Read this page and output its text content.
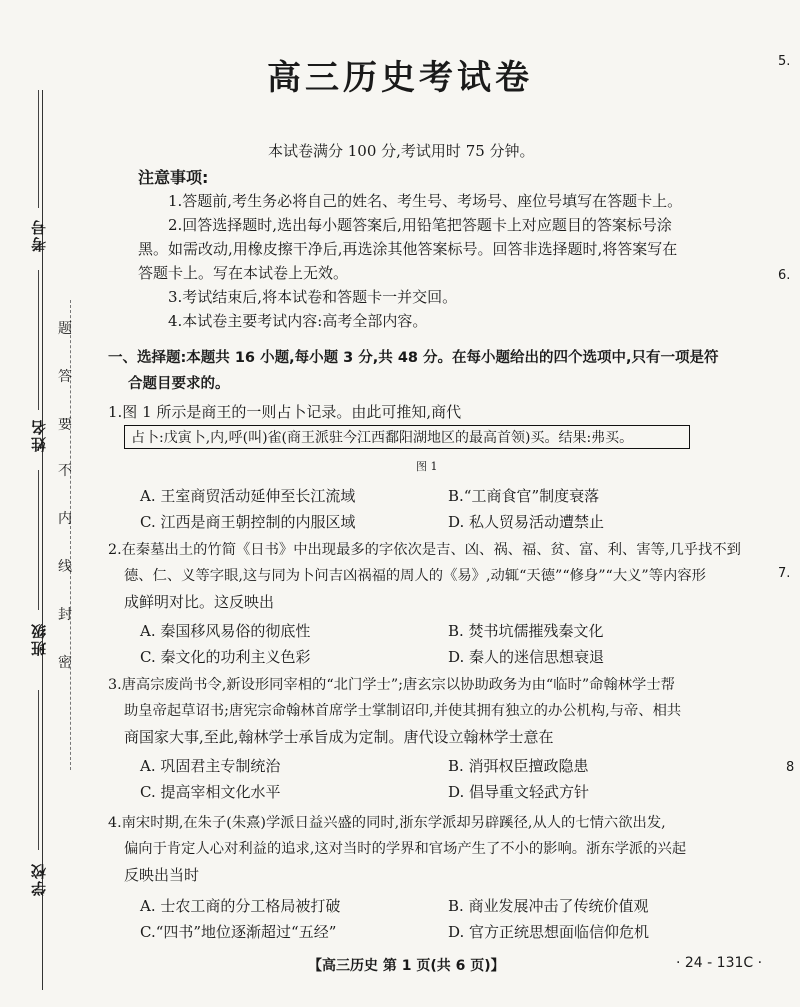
考号
姓名
班级
学校
题
答
要
不
内
线
封
密
5.
6.
7.
8
高三历史考试卷
本试卷满分 100 分,考试用时 75 分钟。
注意事项:
1.答题前,考生务必将自己的姓名、考生号、考场号、座位号填写在答题卡上。
2.回答选择题时,选出每小题答案后,用铅笔把答题卡上对应题目的答案标号涂
黑。如需改动,用橡皮擦干净后,再选涂其他答案标号。回答非选择题时,将答案写在
答题卡上。写在本试卷上无效。
3.考试结束后,将本试卷和答题卡一并交回。
4.本试卷主要考试内容:高考全部内容。
一、选择题:本题共 16 小题,每小题 3 分,共 48 分。在每小题给出的四个选项中,只有一项是符
合题目要求的。
1.图 1 所示是商王的一则占卜记录。由此可推知,商代
占卜:戊寅卜,内,呼(叫)雀(商王派驻今江西鄱阳湖地区的最高首领)买。结果:弗买。
图 1
A. 王室商贸活动延伸至长江流域	B.“工商食官”制度衰落
C. 江西是商王朝控制的内服区域	D. 私人贸易活动遭禁止
2.在秦墓出土的竹简《日书》中出现最多的字依次是吉、凶、祸、福、贫、富、利、害等,几乎找不到
德、仁、义等字眼,这与同为卜问吉凶祸福的周人的《易》,动辄“天德”“修身”“大义”等内容形
成鲜明对比。这反映出
A. 秦国移风易俗的彻底性	B. 焚书坑儒摧残秦文化
C. 秦文化的功利主义色彩	D. 秦人的迷信思想衰退
3.唐高宗废尚书令,新设形同宰相的“北门学士”;唐玄宗以协助政务为由“临时”命翰林学士帮
助皇帝起草诏书;唐宪宗命翰林首席学士掌制诏印,并使其拥有独立的办公机构,与帝、相共
商国家大事,至此,翰林学士承旨成为定制。唐代设立翰林学士意在
A. 巩固君主专制统治	B. 消弭权臣擅政隐患
C. 提高宰相文化水平	D. 倡导重文轻武方针
4.南宋时期,在朱子(朱熹)学派日益兴盛的同时,浙东学派却另辟蹊径,从人的七情六欲出发,
偏向于肯定人心对利益的追求,这对当时的学界和官场产生了不小的影响。浙东学派的兴起
反映出当时
A. 士农工商的分工格局被打破	B. 商业发展冲击了传统价值观
C.“四书”地位逐渐超过“五经”	D. 官方正统思想面临信仰危机
【高三历史 第 1 页(共 6 页)】	· 24 - 131C ·
